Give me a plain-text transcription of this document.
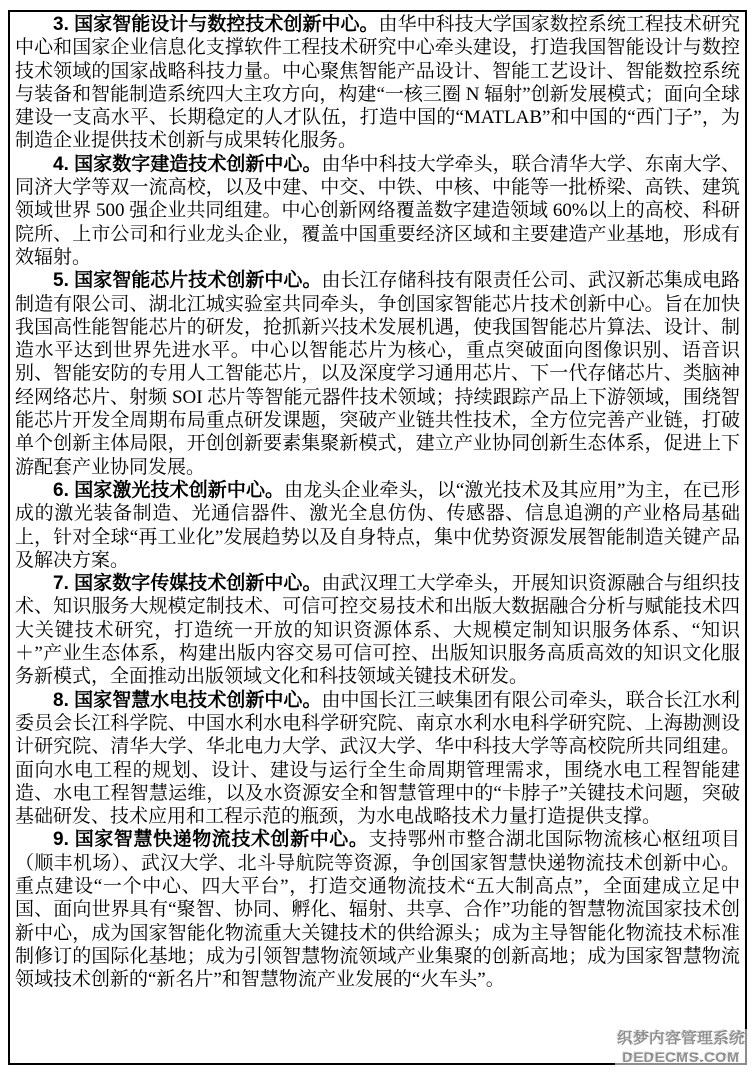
3. 国家智能设计与数控技术创新中心。由华中科技大学国家数控系统工程技术研究中心和国家企业信息化支撑软件工程技术研究中心牵头建设，打造我国智能设计与数控技术领域的国家战略科技力量。中心聚焦智能产品设计、智能工艺设计、智能数控系统与装备和智能制造系统四大主攻方向，构建“一核三圈 N 辐射”创新发展模式；面向全球建设一支高水平、长期稳定的人才队伍，打造中国的“MATLAB”和中国的“西门子”，为制造企业提供技术创新与成果转化服务。

4. 国家数字建造技术创新中心。由华中科技大学牵头，联合清华大学、东南大学、同济大学等双一流高校，以及中建、中交、中铁、中核、中能等一批桥梁、高铁、建筑领域世界 500 强企业共同组建。中心创新网络覆盖数字建造领域 60%以上的高校、科研院所、上市公司和行业龙头企业，覆盖中国重要经济区域和主要建造产业基地，形成有效辐射。

5. 国家智能芯片技术创新中心。由长江存储科技有限责任公司、武汉新芯集成电路制造有限公司、湖北江城实验室共同牵头，争创国家智能芯片技术创新中心。旨在加快我国高性能智能芯片的研发，抢抓新兴技术发展机遇，使我国智能芯片算法、设计、制造水平达到世界先进水平。中心以智能芯片为核心，重点突破面向图像识别、语音识别、智能安防的专用人工智能芯片，以及深度学习通用芯片、下一代存储芯片、类脑神经网络芯片、射频 SOI 芯片等智能元器件技术领域；持续跟踪产品上下游领域，围绕智能芯片开发全周期布局重点研发课题，突破产业链共性技术，全方位完善产业链，打破单个创新主体局限，开创创新要素集聚新模式，建立产业协同创新生态体系，促进上下游配套产业协同发展。

6. 国家激光技术创新中心。由龙头企业牵头，以“激光技术及其应用”为主，在已形成的激光装备制造、光通信器件、激光全息仿伪、传感器、信息追溯的产业格局基础上，针对全球“再工业化”发展趋势以及自身特点，集中优势资源发展智能制造关键产品及解决方案。

7. 国家数字传媒技术创新中心。由武汉理工大学牵头，开展知识资源融合与组织技术、知识服务大规模定制技术、可信可控交易技术和出版大数据融合分析与赋能技术四大关键技术研究，打造统一开放的知识资源体系、大规模定制知识服务体系、“知识＋”产业生态体系，构建出版内容交易可信可控、出版知识服务高质高效的知识文化服务新模式，全面推动出版领域文化和科技领域关键技术研发。

8. 国家智慧水电技术创新中心。由中国长江三峡集团有限公司牵头，联合长江水利委员会长江科学院、中国水利水电科学研究院、南京水利水电科学研究院、上海勘测设计研究院、清华大学、华北电力大学、武汉大学、华中科技大学等高校院所共同组建。面向水电工程的规划、设计、建设与运行全生命周期管理需求，围绕水电工程智能建造、水电工程智慧运维，以及水资源安全和智慧管理中的“卡脖子”关键技术问题，突破基础研发、技术应用和工程示范的瓶颈，为水电战略技术力量打造提供支撑。

9. 国家智慧快递物流技术创新中心。支持鄂州市整合湖北国际物流核心枢纽项目（顺丰机场）、武汉大学、北斗导航院等资源，争创国家智慧快递物流技术创新中心。重点建设“一个中心、四大平台”，打造交通物流技术“五大制高点”，全面建成立足中国、面向世界具有“聚智、协同、孵化、辐射、共享、合作”功能的智慧物流国家技术创新中心，成为国家智能化物流重大关键技术的供给源头；成为主导智能化物流技术标准制修订的国际化基地；成为引领智慧物流领域产业集聚的创新高地；成为国家智慧物流领域技术创新的“新名片”和智慧物流产业发展的“火车头”。

织梦内容管理系统
DEDECMS.COM
